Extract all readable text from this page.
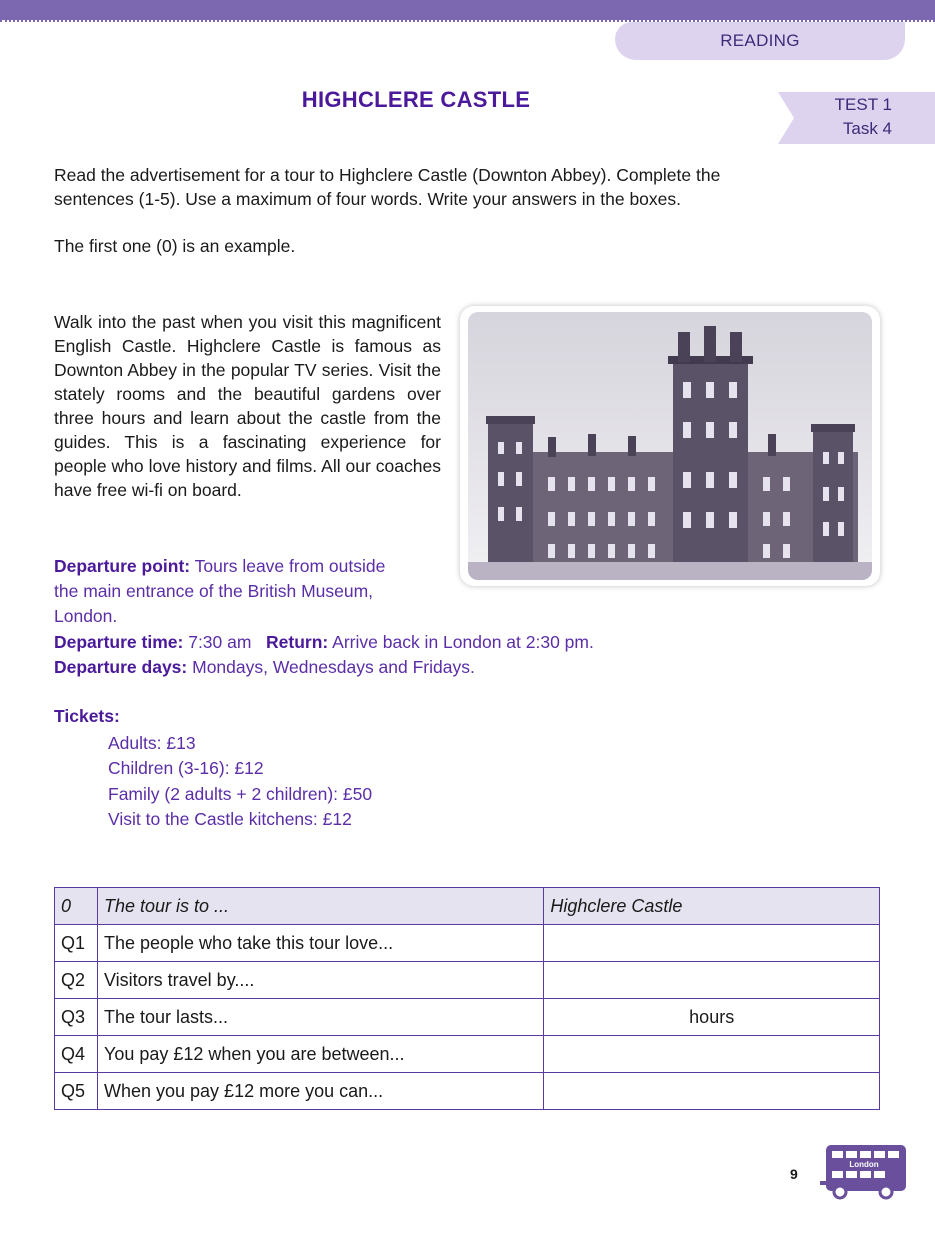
READING
HIGHCLERE CASTLE	TEST 1
Task 4
Read the advertisement for a tour to Highclere Castle (Downton Abbey). Complete the
sentences (1-5). Use a maximum of four words. Write your answers in the boxes.
The first one (0) is an example.
Walk into the past when you visit this magnificent English Castle. Highclere Castle is famous as Downton Abbey in the popular TV series. Visit the stately rooms and the beautiful gardens over three hours and learn about the castle from the guides. This is a fascinating experience for people who love history and films. All our coaches have free wi-fi on board.
Departure point: Tours leave from outside
the main entrance of the British Museum,
London.
Departure time: 7:30 am   Return: Arrive back in London at 2:30 pm.
Departure days: Mondays, Wednesdays and Fridays.
Tickets:
Adults: £13
Children (3-16): £12
Family (2 adults + 2 children): £50
Visit to the Castle kitchens: £12
0	The tour is to ...	Highclere Castle
Q1	The people who take this tour love...	
Q2	Visitors travel by....	
Q3	The tour lasts...	hours
Q4	You pay £12 when you are between...	
Q5	When you pay £12 more you can...	
9
London
